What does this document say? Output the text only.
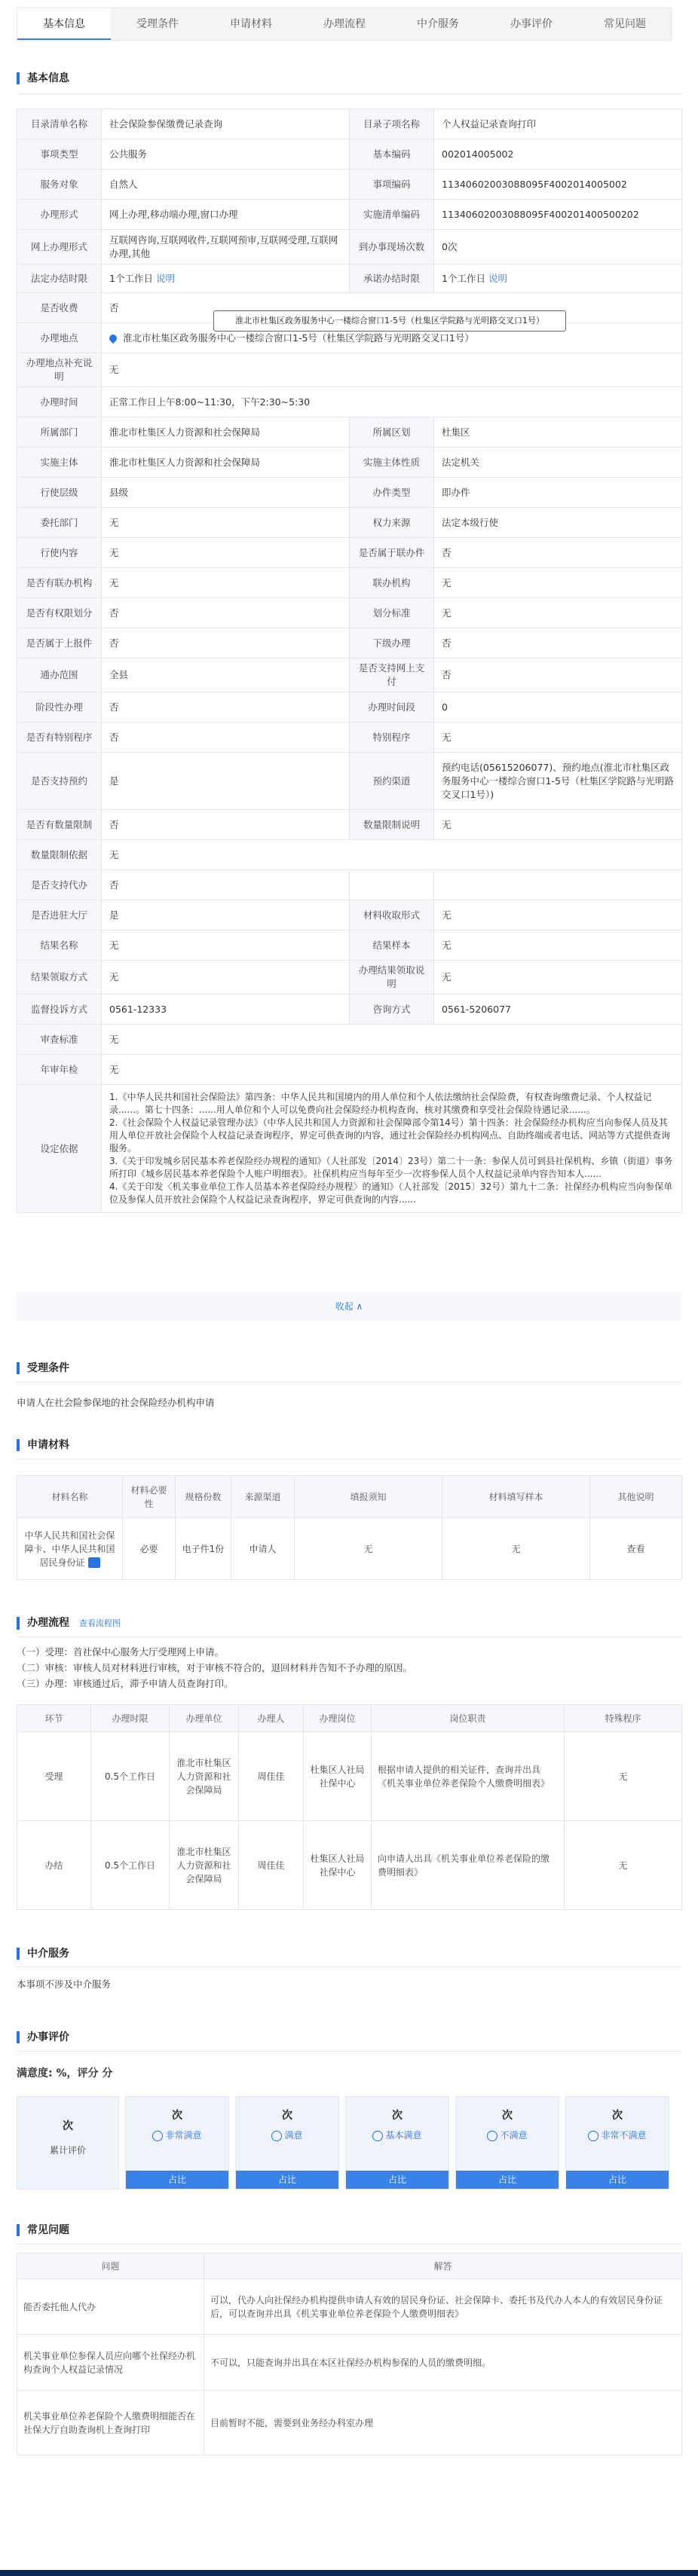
基本信息	受理条件	申请材料	办理流程	中介服务	办事评价	常见问题
基本信息
目录清单名称	社会保险参保缴费记录查询	目录子项名称	个人权益记录查询打印
事项类型	公共服务	基本编码	002014005002
服务对象	自然人	事项编码	11340602003088095F4002014005002
办理形式	网上办理,移动端办理,窗口办理	实施清单编码	11340602003088095F400201400500202
网上办理形式	互联网咨询,互联网收件,互联网预审,互联网受理,互联网办理,其他	到办事现场次数	0次
法定办结时限	1个工作日 说明	承诺办结时限	1个工作日 说明
是否收费	否		
办理地点	淮北市杜集区政务服务中心一楼综合窗口1-5号（杜集区学院路与光明路交叉口1号）		
办理地点补充说明	无		
办理时间	正常工作日上午8:00~11:30，下午2:30~5:30		
所属部门	淮北市杜集区人力资源和社会保障局	所属区划	杜集区
实施主体	淮北市杜集区人力资源和社会保障局	实施主体性质	法定机关
行使层级	县级	办件类型	即办件
委托部门	无	权力来源	法定本级行使
行使内容	无	是否属于联办件	否
是否有联办机构	无	联办机构	无
是否有权限划分	否	划分标准	无
是否属于上报件	否	下级办理	否
通办范围	全县	是否支持网上支付	否
阶段性办理	否	办理时间段	0
是否有特别程序	否	特别程序	无
是否支持预约	是	预约渠道	预约电话(05615206077)、预约地点(淮北市杜集区政务服务中心一楼综合窗口1-5号（杜集区学院路与光明路交叉口1号）)
是否有数量限制	否	数量限制说明	无
数量限制依据	无		
是否支持代办	否		
是否进驻大厅	是	材料收取形式	无
结果名称	无	结果样本	无
结果领取方式	无	办理结果领取说明	无
监督投诉方式	0561-12333	咨询方式	0561-5206077
审查标准	无		
年审年检	无		
设定依据	1.《中华人民共和国社会保险法》第四条：中华人民共和国境内的用人单位和个人依法缴纳社会保险费，有权查询缴费记录、个人权益记录......。第七十四条：......用人单位和个人可以免费向社会保险经办机构查询、核对其缴费和享受社会保险待遇记录......。
2.《社会保险个人权益记录管理办法》（中华人民共和国人力资源和社会保障部令第14号）第十四条：社会保险经办机构应当向参保人员及其用人单位开放社会保险个人权益记录查询程序，界定可供查询的内容，通过社会保险经办机构网点、自助终端或者电话、网站等方式提供查询服务。
3.《关于印发城乡居民基本养老保险经办规程的通知》（人社部发〔2014〕23号）第二十一条：参保人员可到县社保机构、乡镇（街道）事务所打印《城乡居民基本养老保险个人账户明细表》。社保机构应当每年至少一次将参保人员个人权益记录单内容告知本人......
4.《关于印发〈机关事业单位工作人员基本养老保险经办规程〉的通知》（人社部发〔2015〕32号）第九十二条：社保经办机构应当向参保单位及参保人员开放社会保险个人权益记录查询程序，界定可供查询的内容......		
淮北市杜集区政务服务中心一楼综合窗口1-5号（杜集区学院路与光明路交叉口1号）
收起 ∧
受理条件
申请人在社会险参保地的社会保险经办机构申请
申请材料
材料名称	材料必要性	规格份数	来源渠道	填报须知	材料填写样本	其他说明
中华人民共和国社会保障卡、中华人民共和国居民身份证	必要	电子件1份	申请人	无	无	查看
办理流程 查看流程图
（一）受理：首社保中心服务大厅受理网上申请。
（二）审核：审核人员对材料进行审核，对于审核不符合的，退回材料并告知不予办理的原因。
（三）办理：审核通过后，滞予申请人员查询打印。
环节	办理时限	办理单位	办理人	办理岗位	岗位职责	特殊程序
受理	0.5个工作日	淮北市杜集区人力资源和社会保障局	周佳佳	杜集区人社局社保中心	根据申请人提供的相关证件，查询并出具《机关事业单位养老保险个人缴费明细表》	无
办结	0.5个工作日	淮北市杜集区人力资源和社会保障局	周佳佳	杜集区人社局社保中心	向申请人出具《机关事业单位养老保险的缴费明细表》	无
中介服务
本事项不涉及中介服务
办事评价
满意度: %，评分 分
次
累计评价
次
非常满意
占比
次
满意
占比
次
基本满意
占比
次
不满意
占比
次
非常不满意
占比
常见问题
问题	解答
能否委托他人代办	可以，代办人向社保经办机构提供申请人有效的居民身份证、社会保障卡、委托书及代办人本人的有效居民身份证后，可以查询并出具《机关事业单位养老保险个人缴费明细表》
机关事业单位参保人员应向哪个社保经办机构查询个人权益记录情况	不可以，只能查询并出具在本区社保经办机构参保的人员的缴费明细。
机关事业单位养老保险个人缴费明细能否在社保大厅自助查询机上查询打印	目前暂时不能，需要到业务经办科室办理
